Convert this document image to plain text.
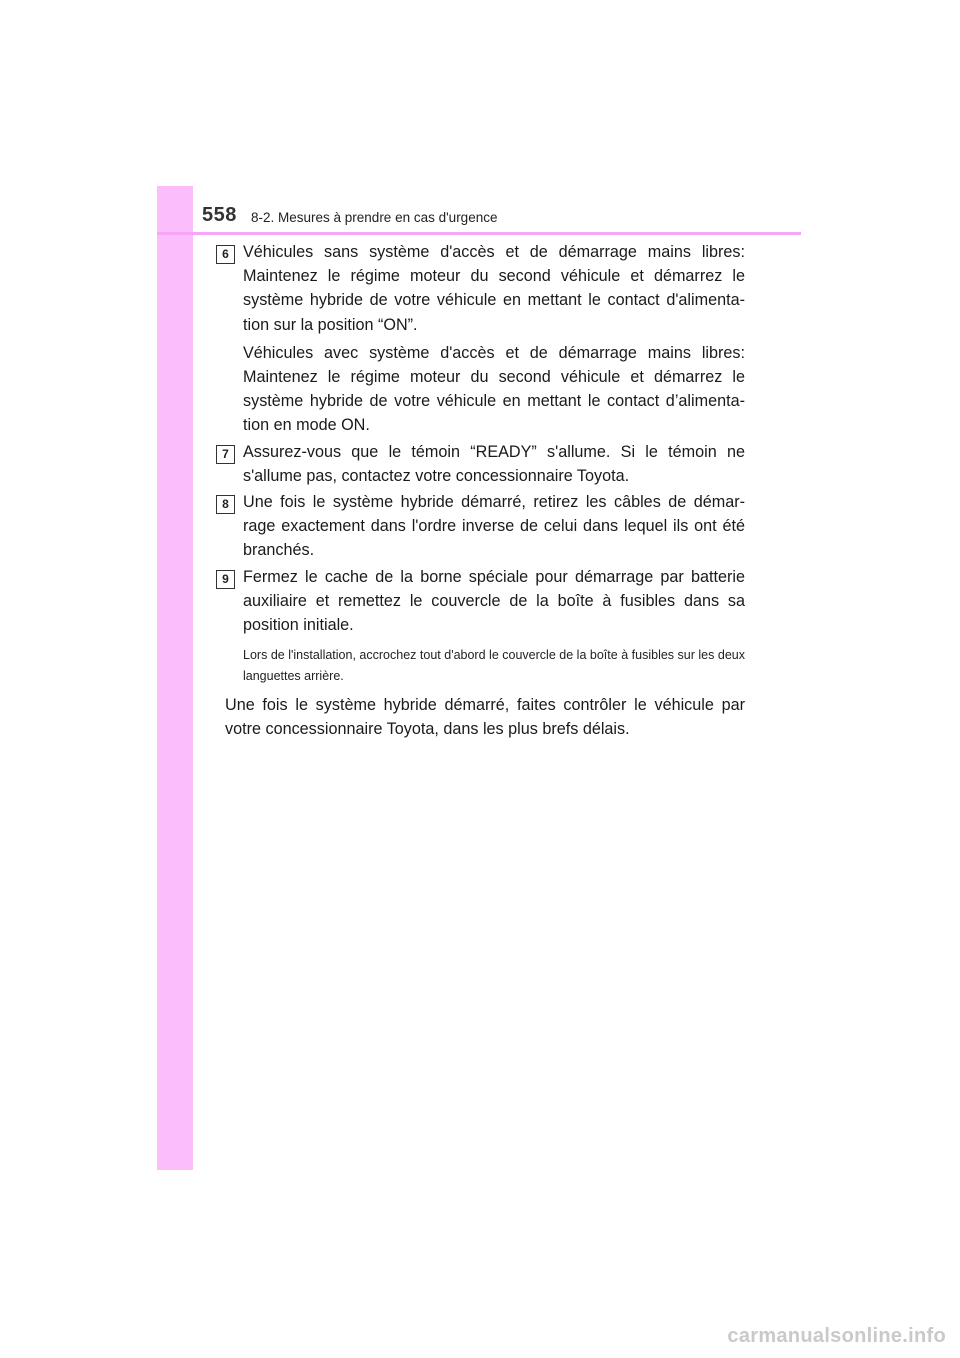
558 8-2. Mesures à prendre en cas d'urgence
6 Véhicules sans système d'accès et de démarrage mains libres: Maintenez le régime moteur du second véhicule et démarrez le système hybride de votre véhicule en mettant le contact d'alimenta-tion sur la position “ON”.

Véhicules avec système d'accès et de démarrage mains libres: Maintenez le régime moteur du second véhicule et démarrez le système hybride de votre véhicule en mettant le contact d’alimenta-tion en mode ON.

7 Assurez-vous que le témoin “READY” s'allume. Si le témoin ne s'allume pas, contactez votre concessionnaire Toyota.

8 Une fois le système hybride démarré, retirez les câbles de démar-rage exactement dans l'ordre inverse de celui dans lequel ils ont été branchés.

9 Fermez le cache de la borne spéciale pour démarrage par batterie auxiliaire et remettez le couvercle de la boîte à fusibles dans sa position initiale.

Lors de l'installation, accrochez tout d'abord le couvercle de la boîte à fusibles sur les deux languettes arrière.

Une fois le système hybride démarré, faites contrôler le véhicule par votre concessionnaire Toyota, dans les plus brefs délais.

carmanualsonline.info
